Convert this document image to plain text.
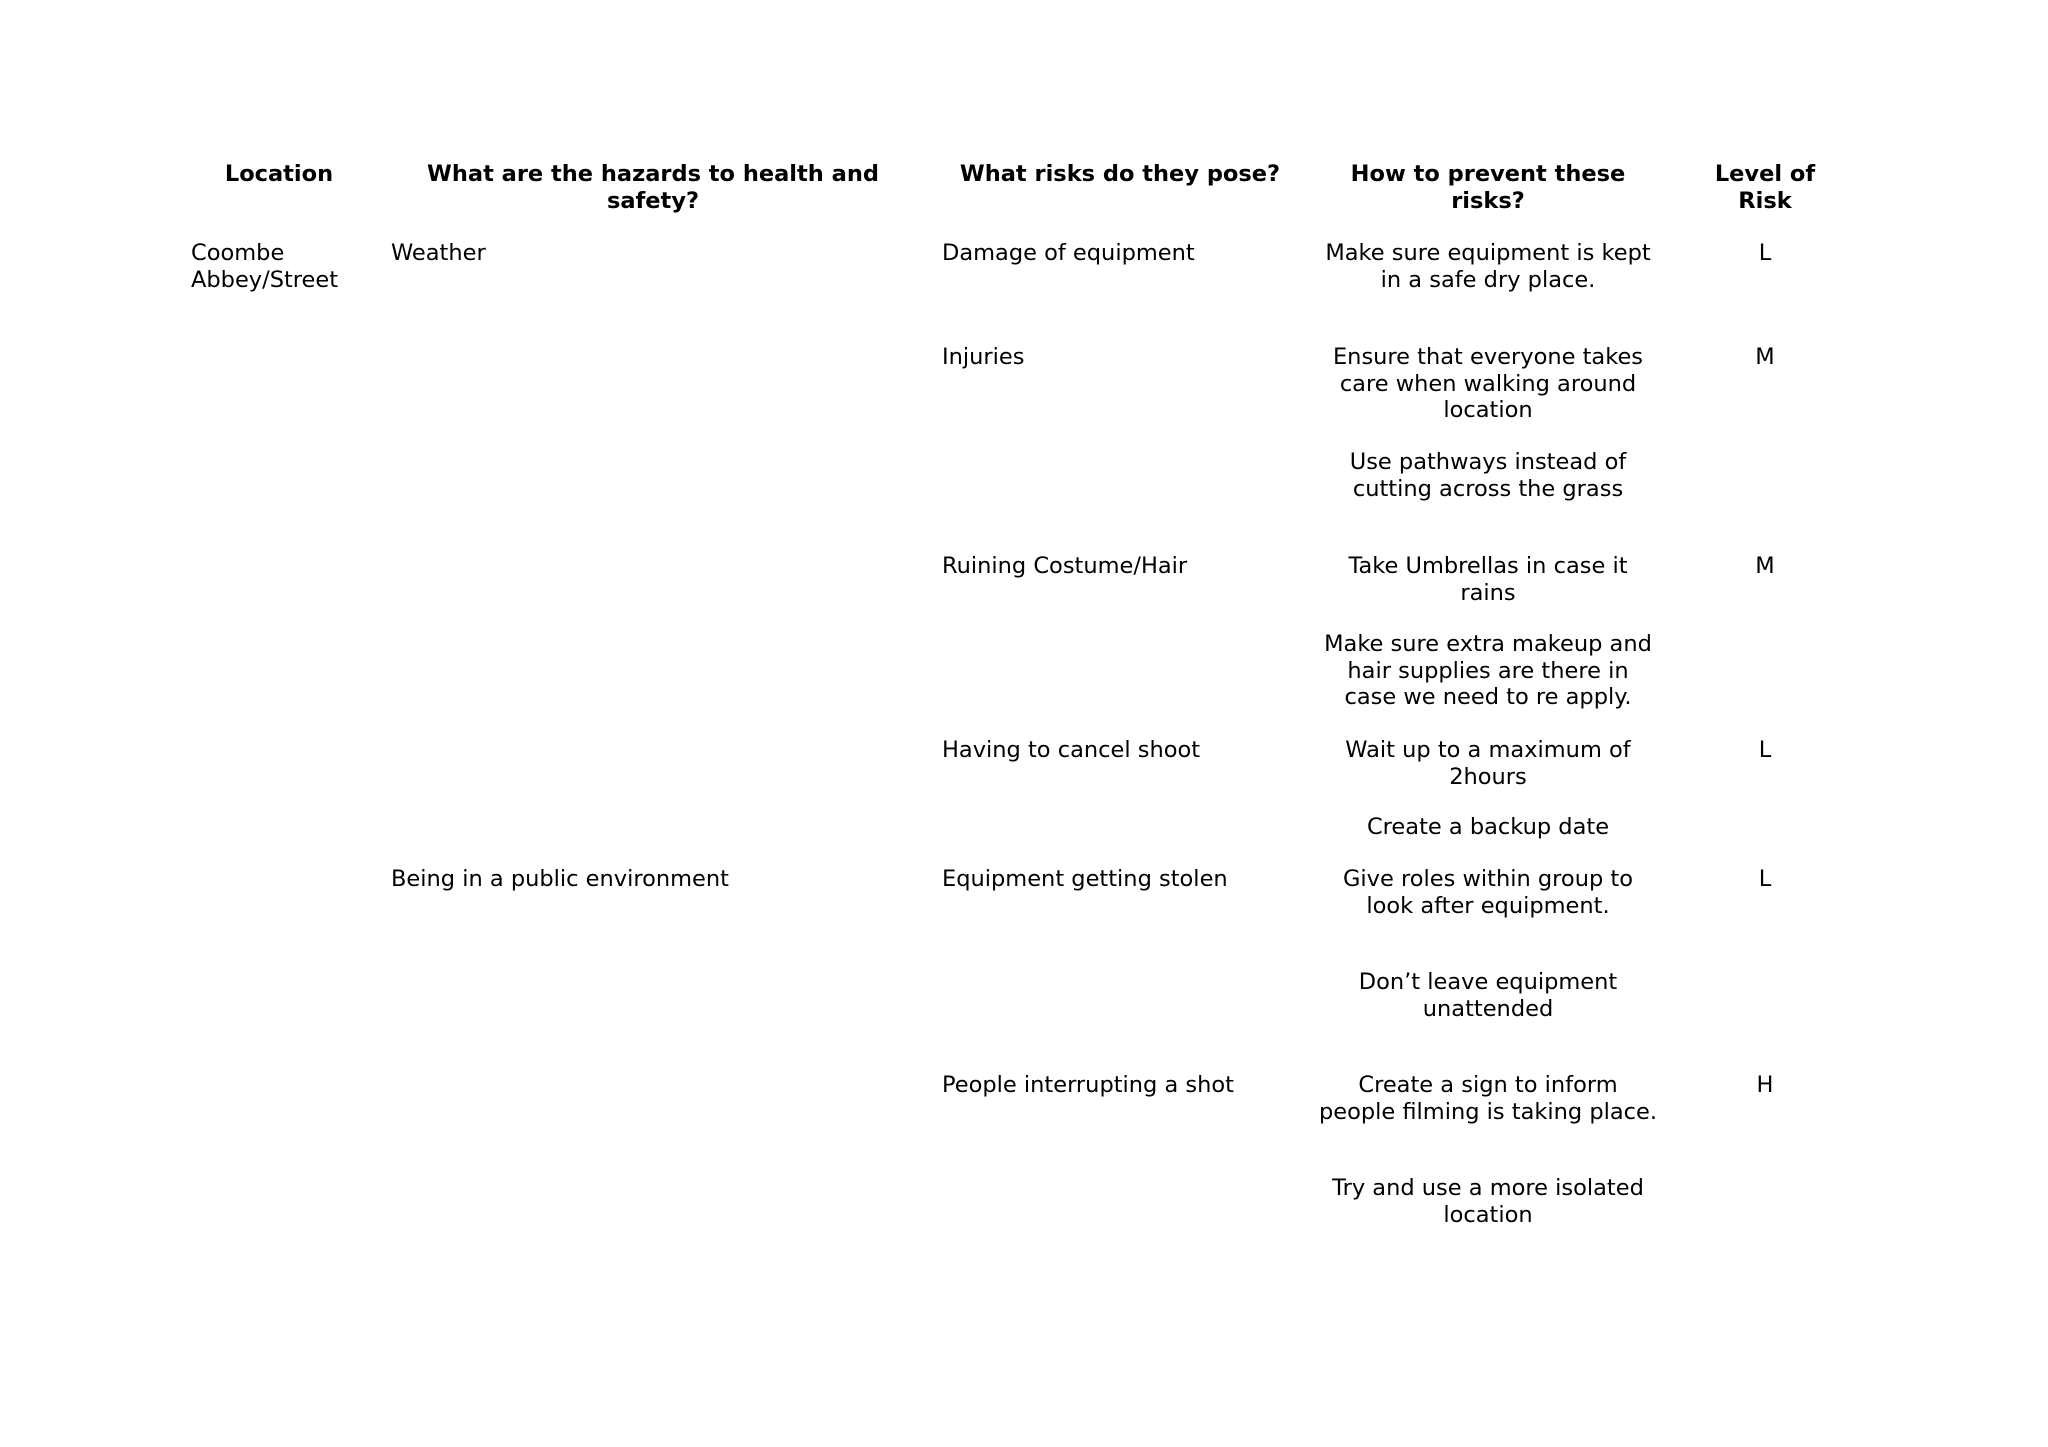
Location	What are the hazards to health and
safety?
What risks do they pose?	How to prevent these
risks?
Level of
Risk
Coombe
Abbey/Street
Weather
Being in a public environment
Damage of equipment
Injuries
Ruining Costume/Hair
Having to cancel shoot
Equipment getting stolen
People interrupting a shot
Make sure equipment is kept
in a safe dry place.
Ensure that everyone takes
care when walking around
location
Use pathways instead of
cutting across the grass
Take Umbrellas in case it
rains
Make sure extra makeup and
hair supplies are there in
case we need to re apply.
Wait up to a maximum of
2hours
Create a backup date
Give roles within group to
look after equipment.
Don’t leave equipment
unattended
Create a sign to inform
people filming is taking place.
Try and use a more isolated
location
L
M
M
L
L
H
